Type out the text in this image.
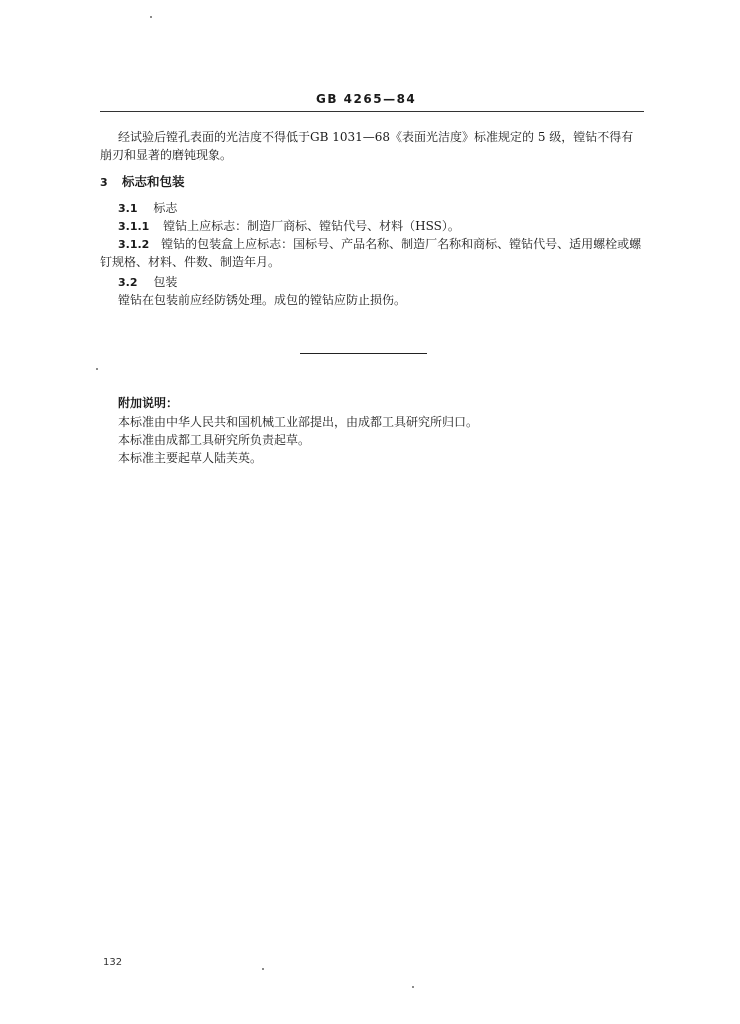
GB 4265—84
经试验后镗孔表面的光洁度不得低于GB 1031—68《表面光洁度》标准规定的 5 级，镗钻不得有
崩刃和显著的磨钝现象。
3 标志和包装
3.1 标志
3.1.1 镗钻上应标志：制造厂商标、镗钻代号、材料（HSS）。
3.1.2 镗钻的包装盒上应标志：国标号、产品名称、制造厂名称和商标、镗钻代号、适用螺栓或螺
钉规格、材料、件数、制造年月。
3.2 包装
镗钻在包装前应经防锈处理。成包的镗钻应防止损伤。
附加说明：
本标准由中华人民共和国机械工业部提出，由成都工具研究所归口。
本标准由成都工具研究所负责起草。
本标准主要起草人陆芙英。
132
